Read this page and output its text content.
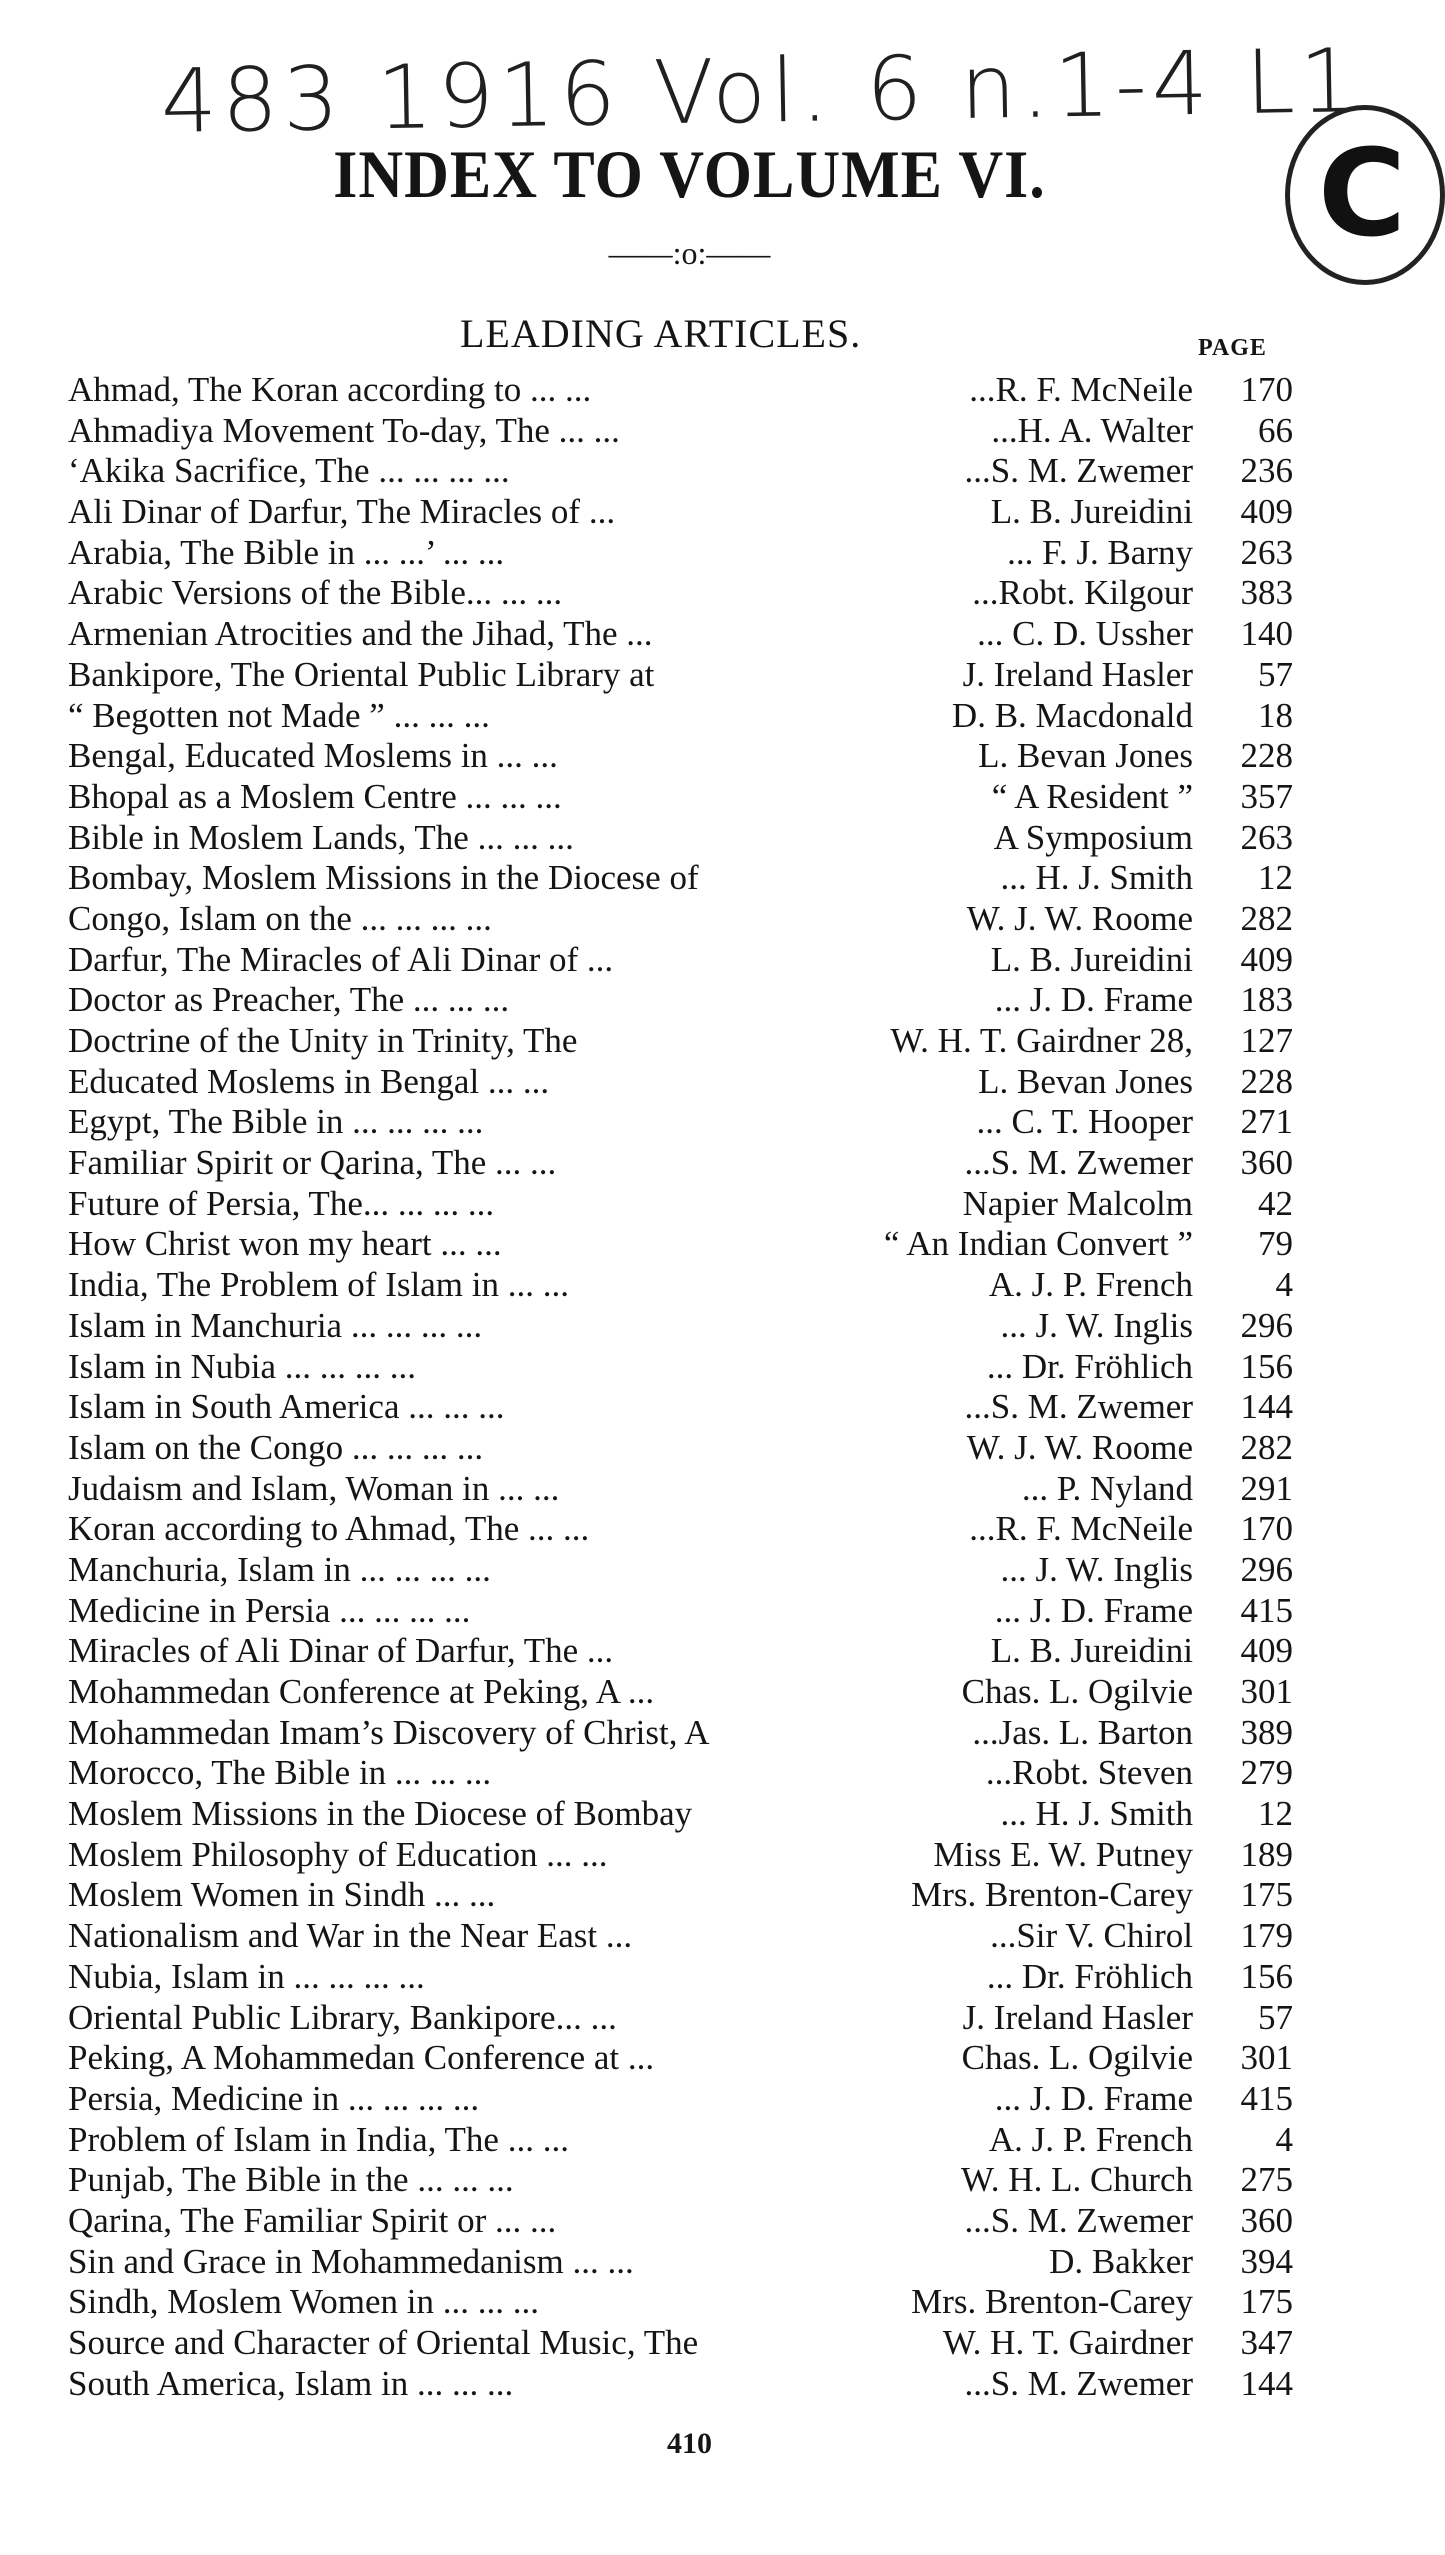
483 1916 Vol. 6 n.1-4 L1
C
INDEX TO VOLUME VI.
——:o:——
LEADING ARTICLES.	PAGE
Ahmad, The Koran according to ... ...	...R. F. McNeile	170
Ahmadiya Movement To-day, The ... ...	...H. A. Walter	66
‘Akika Sacrifice, The ... ... ... ...	...S. M. Zwemer	236
Ali Dinar of Darfur, The Miracles of ...	L. B. Jureidini	409
Arabia, The Bible in ... ...’ ... ...	... F. J. Barny	263
Arabic Versions of the Bible... ... ...	...Robt. Kilgour	383
Armenian Atrocities and the Jihad, The ...	... C. D. Ussher	140
Bankipore, The Oriental Public Library at	J. Ireland Hasler	57
“ Begotten not Made ” ... ... ...	D. B. Macdonald	18
Bengal, Educated Moslems in ... ...	L. Bevan Jones	228
Bhopal as a Moslem Centre ... ... ...	“ A Resident ”	357
Bible in Moslem Lands, The ... ... ...	A Symposium	263
Bombay, Moslem Missions in the Diocese of	... H. J. Smith	12
Congo, Islam on the ... ... ... ...	W. J. W. Roome	282
Darfur, The Miracles of Ali Dinar of ...	L. B. Jureidini	409
Doctor as Preacher, The ... ... ...	... J. D. Frame	183
Doctrine of the Unity in Trinity, The	W. H. T. Gairdner 28,	127
Educated Moslems in Bengal ... ...	L. Bevan Jones	228
Egypt, The Bible in ... ... ... ...	... C. T. Hooper	271
Familiar Spirit or Qarina, The ... ...	...S. M. Zwemer	360
Future of Persia, The... ... ... ...	Napier Malcolm	42
How Christ won my heart ... ...	“ An Indian Convert ”	79
India, The Problem of Islam in ... ...	A. J. P. French	4
Islam in Manchuria ... ... ... ...	... J. W. Inglis	296
Islam in Nubia ... ... ... ...	... Dr. Fröhlich	156
Islam in South America ... ... ...	...S. M. Zwemer	144
Islam on the Congo ... ... ... ...	W. J. W. Roome	282
Judaism and Islam, Woman in ... ...	... P. Nyland	291
Koran according to Ahmad, The ... ...	...R. F. McNeile	170
Manchuria, Islam in ... ... ... ...	... J. W. Inglis	296
Medicine in Persia ... ... ... ...	... J. D. Frame	415
Miracles of Ali Dinar of Darfur, The ...	L. B. Jureidini	409
Mohammedan Conference at Peking, A ...	Chas. L. Ogilvie	301
Mohammedan Imam’s Discovery of Christ, A	...Jas. L. Barton	389
Morocco, The Bible in ... ... ...	...Robt. Steven	279
Moslem Missions in the Diocese of Bombay	... H. J. Smith	12
Moslem Philosophy of Education ... ...	Miss E. W. Putney	189
Moslem Women in Sindh ... ...	Mrs. Brenton-Carey	175
Nationalism and War in the Near East ...	...Sir V. Chirol	179
Nubia, Islam in ... ... ... ...	... Dr. Fröhlich	156
Oriental Public Library, Bankipore... ...	J. Ireland Hasler	57
Peking, A Mohammedan Conference at ...	Chas. L. Ogilvie	301
Persia, Medicine in ... ... ... ...	... J. D. Frame	415
Problem of Islam in India, The ... ...	A. J. P. French	4
Punjab, The Bible in the ... ... ...	W. H. L. Church	275
Qarina, The Familiar Spirit or ... ...	...S. M. Zwemer	360
Sin and Grace in Mohammedanism ... ...	D. Bakker	394
Sindh, Moslem Women in ... ... ...	Mrs. Brenton-Carey	175
Source and Character of Oriental Music, The	W. H. T. Gairdner	347
South America, Islam in ... ... ...	...S. M. Zwemer	144
410
